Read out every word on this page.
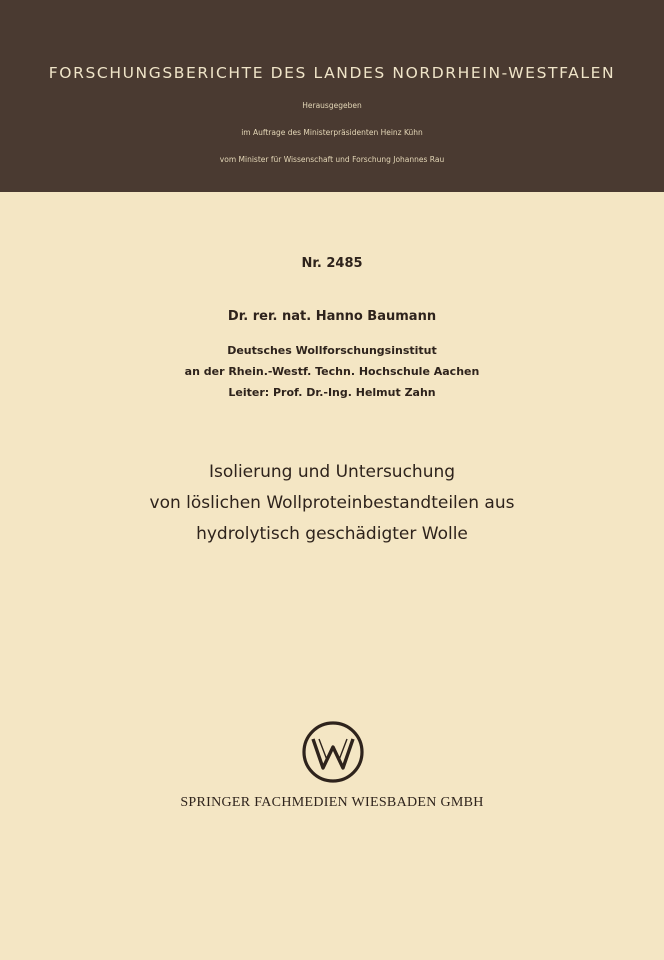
FORSCHUNGSBERICHTE DES LANDES NORDRHEIN-WESTFALEN
Herausgegeben
im Auftrage des Ministerpräsidenten Heinz Kühn
vom Minister für Wissenschaft und Forschung Johannes Rau
Nr. 2485
Dr. rer. nat. Hanno Baumann
Deutsches Wollforschungsinstitut
an der Rhein.-Westf. Techn. Hochschule Aachen
Leiter: Prof. Dr.-Ing. Helmut Zahn
Isolierung und Untersuchung
von löslichen Wollproteinbestandteilen aus
hydrolytisch geschädigter Wolle
SPRINGER FACHMEDIEN WIESBADEN GMBH
